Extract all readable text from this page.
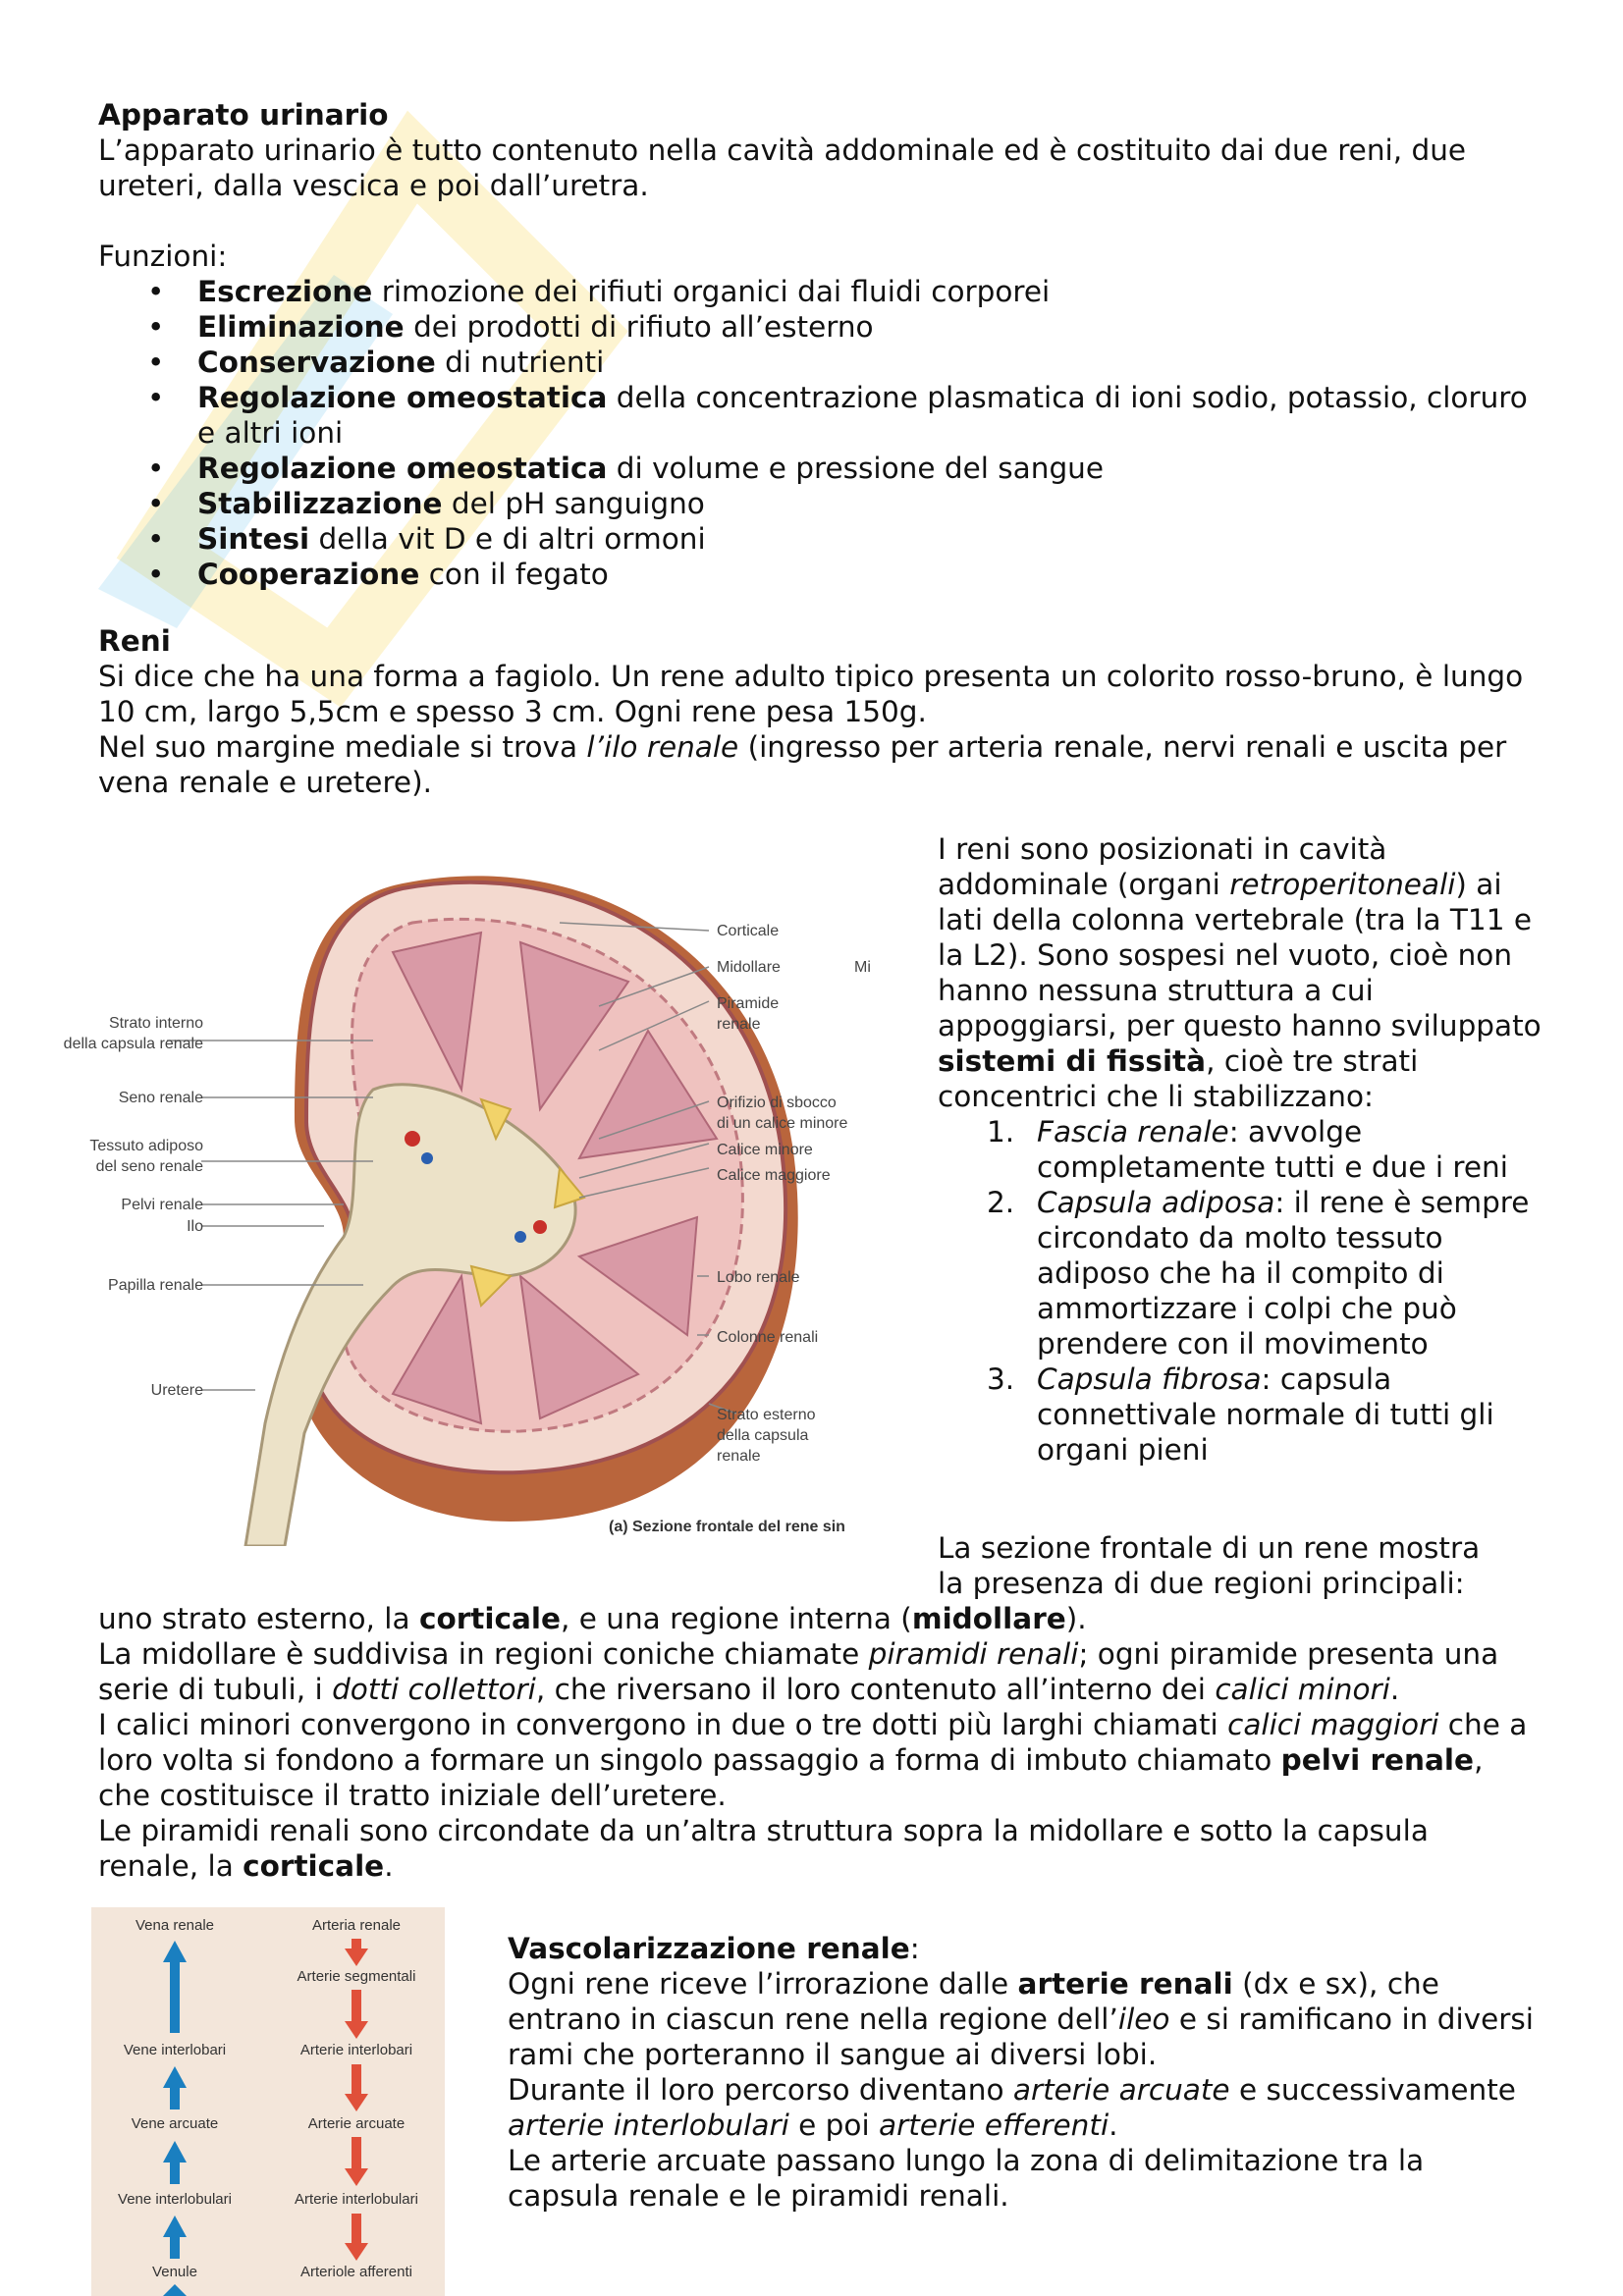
Apparato urinario

L’apparato urinario è tutto contenuto nella cavità addominale ed è costituito dai due reni, due ureteri, dalla vescica e poi dall’uretra.

Funzioni:

• Escrezione rimozione dei rifiuti organici dai fluidi corporei
• Eliminazione dei prodotti di rifiuto all’esterno
• Conservazione di nutrienti
• Regolazione omeostatica della concentrazione plasmatica di ioni sodio, potassio, cloruro e altri ioni
• Regolazione omeostatica di volume e pressione del sangue
• Stabilizzazione del pH sanguigno
• Sintesi della vit D e di altri ormoni
• Cooperazione con il fegato

Reni

Si dice che ha una forma a fagiolo. Un rene adulto tipico presenta un colorito rosso-bruno, è lungo 10 cm, largo 5,5cm e spesso 3 cm. Ogni rene pesa 150g.

Nel suo margine mediale si trova l’ilo renale (ingresso per arteria renale, nervi renali e uscita per vena renale e uretere).

Corticale
Midollare
Piramide
renale
Orifizio di sbocco
di un calice minore
Calice minore
Calice maggiore
Lobo renale
Colonne renali
Strato esterno
della capsula
renale
Mi
Strato interno
della capsula renale
Seno renale
Tessuto adiposo
del seno renale
Pelvi renale
Ilo
Papilla renale
Uretere
(a) Sezione frontale del rene sin

I reni sono posizionati in cavità addominale (organi retroperitoneali) ai lati della colonna vertebrale (tra la T11 e la L2). Sono sospesi nel vuoto, cioè non hanno nessuna struttura a cui appoggiarsi, per questo hanno sviluppato sistemi di fissità, cioè tre strati concentrici che li stabilizzano:

1. Fascia renale: avvolge completamente tutti e due i reni
2. Capsula adiposa: il rene è sempre circondato da molto tessuto adiposo che ha il compito di ammortizzare i colpi che può prendere con il movimento
3. Capsula fibrosa: capsula connettivale normale di tutti gli organi pieni

La sezione frontale di un rene mostra

la presenza di due regioni principali:

uno strato esterno, la corticale, e una regione interna (midollare).

La midollare è suddivisa in regioni coniche chiamate piramidi renali; ogni piramide presenta una serie di tubuli, i dotti collettori, che riversano il loro contenuto all’interno dei calici minori.

I calici minori convergono in convergono in due o tre dotti più larghi chiamati calici maggiori che a loro volta si fondono a formare un singolo passaggio a forma di imbuto chiamato pelvi renale, che costituisce il tratto iniziale dell’uretere.

Le piramidi renali sono circondate da un’altra struttura sopra la midollare e sotto la capsula renale, la corticale.

Vena renale
Vene interlobari
Vene arcuate
Vene interlobulari
Venule
Arteria renale
Arterie segmentali
Arterie interlobari
Arterie arcuate
Arterie interlobulari
Arteriole afferenti

Vascolarizzazione renale:

Ogni rene riceve l’irrorazione dalle arterie renali (dx e sx), che entrano in ciascun rene nella regione dell’ileo e si ramificano in diversi rami che porteranno il sangue ai diversi lobi.

Durante il loro percorso diventano arterie arcuate e successivamente arterie interlobulari e poi arterie efferenti.

Le arterie arcuate passano lungo la zona di delimitazione tra la capsula renale e le piramidi renali.
